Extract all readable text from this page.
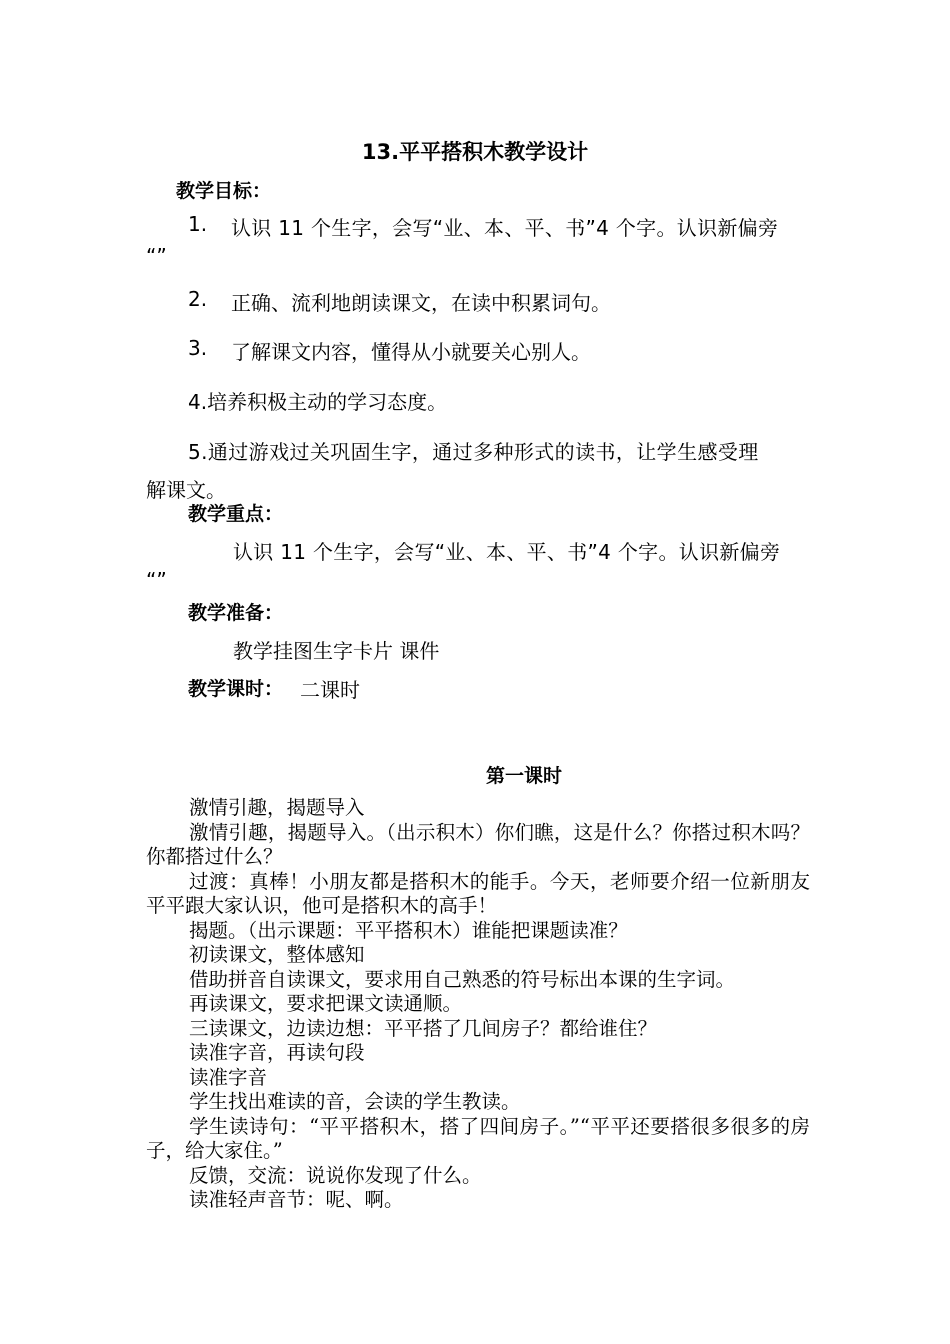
13.平平搭积木教学设计
教学目标：
1. 认识 11 个生字，会写“业、本、平、书”4 个字。认识新偏旁
“”
2. 正确、流利地朗读课文，在读中积累词句。
3. 了解课文内容，懂得从小就要关心别人。
4.培养积极主动的学习态度。
5.通过游戏过关巩固生字，通过多种形式的读书，让学生感受理
解课文。
教学重点：
认识 11 个生字，会写“业、本、平、书”4 个字。认识新偏旁
“”
教学准备：
教学挂图生字卡片 课件
教学课时： 二课时
第一课时

激情引趣，揭题导入

激情引趣，揭题导入。（出示积木）你们瞧，这是什么？你搭过积木吗？你都搭过什么？

过渡：真棒！小朋友都是搭积木的能手。今天，老师要介绍一位新朋友平平跟大家认识，他可是搭积木的高手！

揭题。（出示课题：平平搭积木）谁能把课题读准？

初读课文，整体感知

借助拼音自读课文，要求用自己熟悉的符号标出本课的生字词。

再读课文，要求把课文读通顺。

三读课文，边读边想：平平搭了几间房子？都给谁住？

读准字音，再读句段

读准字音

学生找出难读的音，会读的学生教读。

学生读诗句：“平平搭积木，搭了四间房子。”“平平还要搭很多很多的房子，给大家住。”

反馈，交流：说说你发现了什么。

读准轻声音节：呢、啊。
